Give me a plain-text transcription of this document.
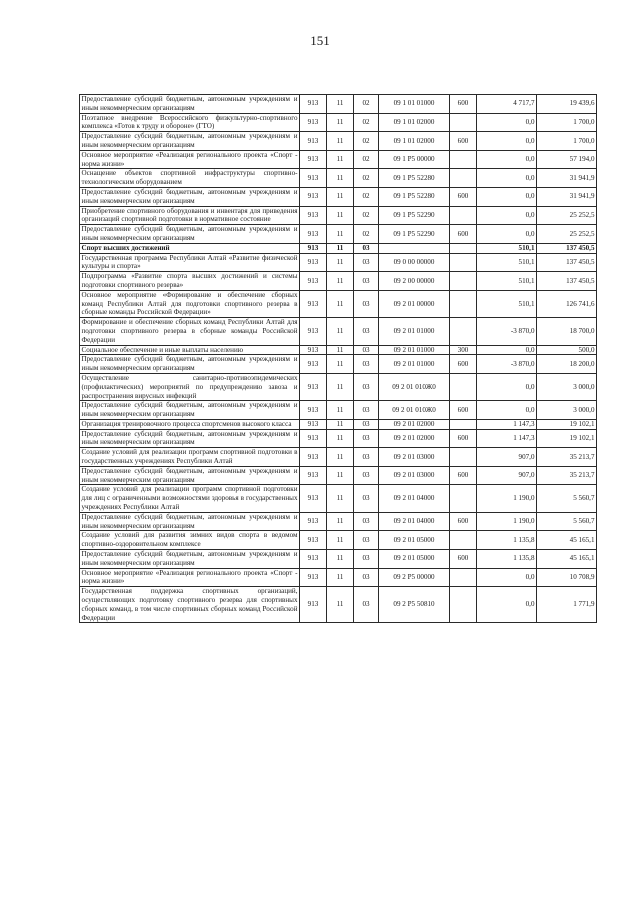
151
Предоставление субсидий бюджетным, автономным учреждениям и иным некоммерческим организациям	913	11	02	09 1 01 01000	600	4 717,7	19 439,6
Поэтапное внедрение Всероссийского физкультурно-спортивного комплекса «Готов к труду и обороне» (ГТО)	913	11	02	09 1 01 02000		0,0	1 700,0
Предоставление субсидий бюджетным, автономным учреждениям и иным некоммерческим организациям	913	11	02	09 1 01 02000	600	0,0	1 700,0
Основное мероприятие «Реализация регионального проекта «Спорт - норма жизни»	913	11	02	09 1 P5 00000		0,0	57 194,0
Оснащение объектов спортивной инфраструктуры спортивно-технологическим оборудованием	913	11	02	09 1 P5 52280		0,0	31 941,9
Предоставление субсидий бюджетным, автономным учреждениям и иным некоммерческим организациям	913	11	02	09 1 P5 52280	600	0,0	31 941,9
Приобретение спортивного оборудования и инвентаря для приведения организаций спортивной подготовки в нормативное состояние	913	11	02	09 1 P5 52290		0,0	25 252,5
Предоставление субсидий бюджетным, автономным учреждениям и иным некоммерческим организациям	913	11	02	09 1 P5 52290	600	0,0	25 252,5
Спорт высших достижений	913	11	03			510,1	137 450,5
Государственная программа Республики Алтай «Развитие физической культуры и спорта»	913	11	03	09 0 00 00000		510,1	137 450,5
Подпрограмма «Развитие спорта высших достижений и системы подготовки спортивного резерва»	913	11	03	09 2 00 00000		510,1	137 450,5
Основное мероприятие «Формирование и обеспечение сборных команд Республики Алтай для подготовки спортивного резерва в сборные команды Российской Федерации»	913	11	03	09 2 01 00000		510,1	126 741,6
Формирование и обеспечение сборных команд Республики Алтай для подготовки спортивного резерва в сборные команды Российской Федерации	913	11	03	09 2 01 01000		-3 870,0	18 700,0
Социальное обеспечение и иные выплаты населению	913	11	03	09 2 01 01000	300	0,0	500,0
Предоставление субсидий бюджетным, автономным учреждениям и иным некоммерческим организациям	913	11	03	09 2 01 01000	600	-3 870,0	18 200,0
Осуществление санитарно-противоэпидемических (профилактических) мероприятий по предупреждению завоза и распространения вирусных инфекций	913	11	03	09 2 01 010Ж0		0,0	3 000,0
Предоставление субсидий бюджетным, автономным учреждениям и иным некоммерческим организациям	913	11	03	09 2 01 010Ж0	600	0,0	3 000,0
Организация тренировочного процесса спортсменов высокого класса	913	11	03	09 2 01 02000		1 147,3	19 102,1
Предоставление субсидий бюджетным, автономным учреждениям и иным некоммерческим организациям	913	11	03	09 2 01 02000	600	1 147,3	19 102,1
Создание условий для реализации программ спортивной подготовки в государственных учреждениях Республики Алтай	913	11	03	09 2 01 03000		907,0	35 213,7
Предоставление субсидий бюджетным, автономным учреждениям и иным некоммерческим организациям	913	11	03	09 2 01 03000	600	907,0	35 213,7
Создание условий для реализации программ спортивной подготовки для лиц с ограниченными возможностями здоровья в государственных учреждениях Республики Алтай	913	11	03	09 2 01 04000		1 190,0	5 560,7
Предоставление субсидий бюджетным, автономным учреждениям и иным некоммерческим организациям	913	11	03	09 2 01 04000	600	1 190,0	5 560,7
Создание условий для развития зимних видов спорта в ведомом спортивно-оздоровительном комплексе	913	11	03	09 2 01 05000		1 135,8	45 165,1
Предоставление субсидий бюджетным, автономным учреждениям и иным некоммерческим организациям	913	11	03	09 2 01 05000	600	1 135,8	45 165,1
Основное мероприятие «Реализация регионального проекта «Спорт - норма жизни»	913	11	03	09 2 P5 00000		0,0	10 708,9
Государственная поддержка спортивных организаций, осуществляющих подготовку спортивного резерва для спортивных сборных команд, в том числе спортивных сборных команд Российской Федерации	913	11	03	09 2 P5 50810		0,0	1 771,9
